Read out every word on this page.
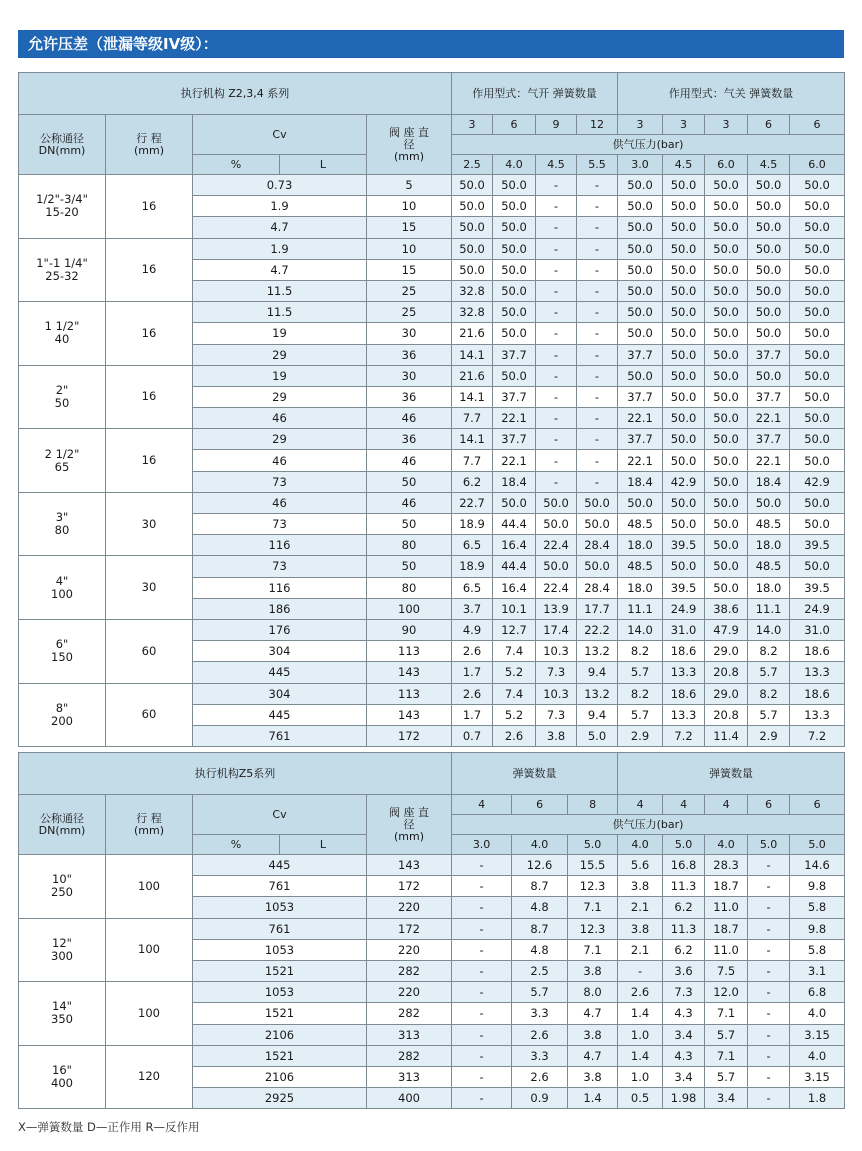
允许压差（泄漏等级IV级）：
执行机构 Z2,3,4 系列					作用型式：气开 弹簧数量				作用型式：气关 弹簧数量				
公称通径 DN(mm)	行 程 (mm)	Cv		阀 座 直 径 (mm)	3	6	9	12	3	3	3	6	6
					供气压力(bar)								
		%	L		2.5	4.0	4.5	5.5	3.0	4.5	6.0	4.5	6.0

1/2"-3/4"
15-20	16	0.73		5	50.0	50.0	-	-	50.0	50.0	50.0	50.0	50.0
		1.9		10	50.0	50.0	-	-	50.0	50.0	50.0	50.0	50.0
		4.7		15	50.0	50.0	-	-	50.0	50.0	50.0	50.0	50.0

1"-1 1/4"
25-32	16	1.9		10	50.0	50.0	-	-	50.0	50.0	50.0	50.0	50.0
		4.7		15	50.0	50.0	-	-	50.0	50.0	50.0	50.0	50.0
		11.5		25	32.8	50.0	-	-	50.0	50.0	50.0	50.0	50.0

1 1/2"
40	16	11.5		25	32.8	50.0	-	-	50.0	50.0	50.0	50.0	50.0
		19		30	21.6	50.0	-	-	50.0	50.0	50.0	50.0	50.0
		29		36	14.1	37.7	-	-	37.7	50.0	50.0	37.7	50.0

2"
50	16	19		30	21.6	50.0	-	-	50.0	50.0	50.0	50.0	50.0
		29		36	14.1	37.7	-	-	37.7	50.0	50.0	37.7	50.0
		46		46	7.7	22.1	-	-	22.1	50.0	50.0	22.1	50.0

2 1/2"
65	16	29		36	14.1	37.7	-	-	37.7	50.0	50.0	37.7	50.0
		46		46	7.7	22.1	-	-	22.1	50.0	50.0	22.1	50.0
		73		50	6.2	18.4	-	-	18.4	42.9	50.0	18.4	42.9

3"
80	30	46		46	22.7	50.0	50.0	50.0	50.0	50.0	50.0	50.0	50.0
		73		50	18.9	44.4	50.0	50.0	48.5	50.0	50.0	48.5	50.0
		116		80	6.5	16.4	22.4	28.4	18.0	39.5	50.0	18.0	39.5

4"
100	30	73		50	18.9	44.4	50.0	50.0	48.5	50.0	50.0	48.5	50.0
		116		80	6.5	16.4	22.4	28.4	18.0	39.5	50.0	18.0	39.5
		186		100	3.7	10.1	13.9	17.7	11.1	24.9	38.6	11.1	24.9

6"
150	60	176		90	4.9	12.7	17.4	22.2	14.0	31.0	47.9	14.0	31.0
		304		113	2.6	7.4	10.3	13.2	8.2	18.6	29.0	8.2	18.6
		445		143	1.7	5.2	7.3	9.4	5.7	13.3	20.8	5.7	13.3

8"
200	60	304		113	2.6	7.4	10.3	13.2	8.2	18.6	29.0	8.2	18.6
		445		143	1.7	5.2	7.3	9.4	5.7	13.3	20.8	5.7	13.3
		761		172	0.7	2.6	3.8	5.0	2.9	7.2	11.4	2.9	7.2
执行机构Z5系列					弹簧数量			弹簧数量				
公称通径 DN(mm)	行 程 (mm)	Cv		阀 座 直 径 (mm)	4	6	8	4	4	4	6	6
					供气压力(bar)							
		%	L		3.0	4.0	5.0	4.0	5.0	4.0	5.0	5.0

10"
250	100	445		143	-	12.6	15.5	5.6	16.8	28.3	-	14.6
		761		172	-	8.7	12.3	3.8	11.3	18.7	-	9.8
		1053		220	-	4.8	7.1	2.1	6.2	11.0	-	5.8

12"
300	100	761		172	-	8.7	12.3	3.8	11.3	18.7	-	9.8
		1053		220	-	4.8	7.1	2.1	6.2	11.0	-	5.8
		1521		282	-	2.5	3.8	-	3.6	7.5	-	3.1

14"
350	100	1053		220	-	5.7	8.0	2.6	7.3	12.0	-	6.8
		1521		282	-	3.3	4.7	1.4	4.3	7.1	-	4.0
		2106		313	-	2.6	3.8	1.0	3.4	5.7	-	3.15

16"
400	120	1521		282	-	3.3	4.7	1.4	4.3	7.1	-	4.0
		2106		313	-	2.6	3.8	1.0	3.4	5.7	-	3.15
		2925		400	-	0.9	1.4	0.5	1.98	3.4	-	1.8
X—弹簧数量 D—正作用 R—反作用
